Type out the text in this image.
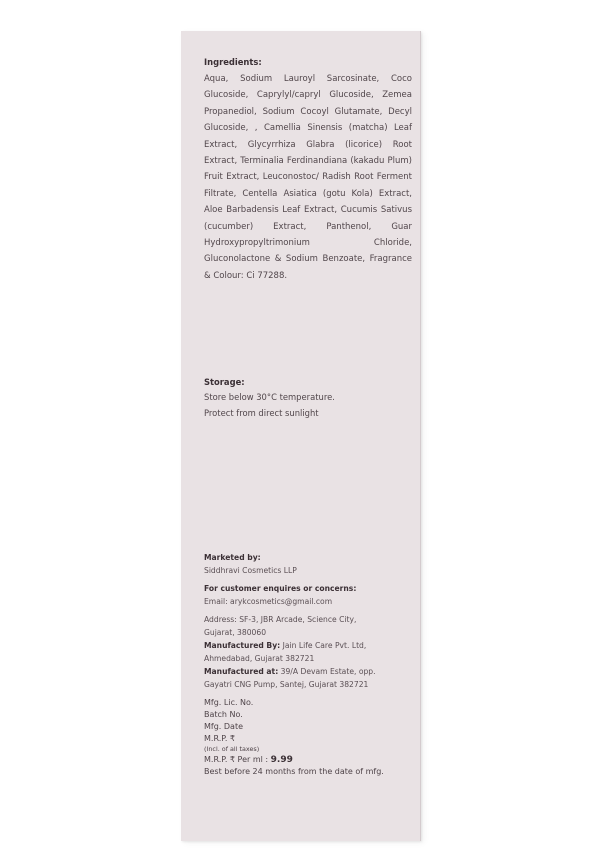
Ingredients:

Aqua, Sodium Lauroyl Sarcosinate, Coco Glucoside, Caprylyl/capryl Glucoside, Zemea Propanediol, Sodium Cocoyl Glutamate, Decyl Glucoside, , Camellia Sinensis (matcha) Leaf Extract, Glycyrrhiza Glabra (licorice) Root Extract, Terminalia Ferdinandiana (kakadu Plum) Fruit Extract, Leuconostoc/ Radish Root Ferment Filtrate, Centella Asiatica (gotu Kola) Extract, Aloe Barbadensis Leaf Extract, Cucumis Sativus (cucumber) Extract, Panthenol, Guar Hydroxypropyltrimonium Chloride, Gluconolactone & Sodium Benzoate, Fragrance & Colour: Ci 77288.

Storage:
Store below 30°C temperature.
Protect from direct sunlight
Marketed by:
Siddhravi Cosmetics LLP
For customer enquires or concerns:
Email: arykcosmetics@gmail.com
Address: SF-3, JBR Arcade, Science City,
Gujarat, 380060
Manufactured By: Jain Life Care Pvt. Ltd,
Ahmedabad, Gujarat 382721
Manufactured at: 39/A Devam Estate, opp.
Gayatri CNG Pump, Santej, Gujarat 382721
Mfg. Lic. No.
Batch No.
Mfg. Date
M.R.P. ₹
(Incl. of all taxes)
M.R.P. ₹ Per ml : 9.99
Best before 24 months from the date of mfg.
